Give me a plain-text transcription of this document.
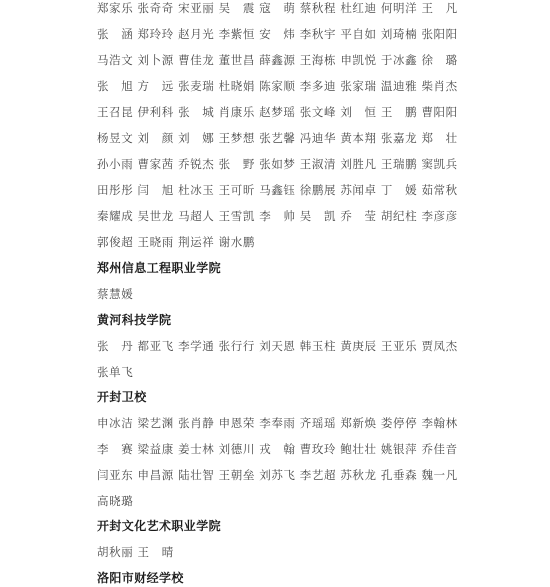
郑家乐 张奇奇 宋亚丽 吴　震 寇　萌 蔡秋程 杜红迪 何明洋 王　凡
张　涵 郑玲玲 赵月光 李紫恒 安　炜 李秋宇 平自如 刘琦楠 张阳阳
马浩文 刘卜源 曹佳龙 董世昌 薛鑫源 王海栋 申凯悦 于冰鑫 徐　璐
张　旭 方　远 张麦瑞 杜晓娟 陈家顺 李多迪 张家瑞 温迪雅 柴肖杰
王召昆 伊利科 张　城 肖康乐 赵梦瑶 张文峰 刘　恒 王　鹏 曹阳阳
杨昱文 刘　颜 刘　娜 王梦想 张艺馨 冯迪华 黄本翔 张嘉龙 郑　壮
孙小雨 曹家茜 乔锐杰 张　野 张如梦 王淑清 刘胜凡 王瑞鹏 窦凯兵
田彤彤 闫　旭 杜冰玉 王可昕 马鑫钰 徐鹏展 苏闻卓 丁　媛 茹常秋
秦耀成 吴世龙 马超人 王雪凯 李　帅 吴　凯 乔　莹 胡纪柱 李彦彦
郭俊超 王晓雨 荆运祥 谢水鹏
郑州信息工程职业学院
蔡慧媛
黄河科技学院
张　丹 都亚飞 李学通 张行行 刘天恩 韩玉柱 黄庚辰 王亚乐 贾凤杰
张单飞
开封卫校
申冰洁 梁艺渊 张肖静 申恩荣 李奉雨 齐瑶瑶 郑新焕 娄停停 李翰林
李　赛 梁益康 姜士林 刘德川 戎　翰 曹玫玲 鲍壮壮 姚银萍 乔佳音
闫亚东 申昌源 陆壮智 王朝垒 刘苏飞 李艺超 苏秋龙 孔垂森 魏一凡
高晓璐
开封文化艺术职业学院
胡秋丽 王　晴
洛阳市财经学校
